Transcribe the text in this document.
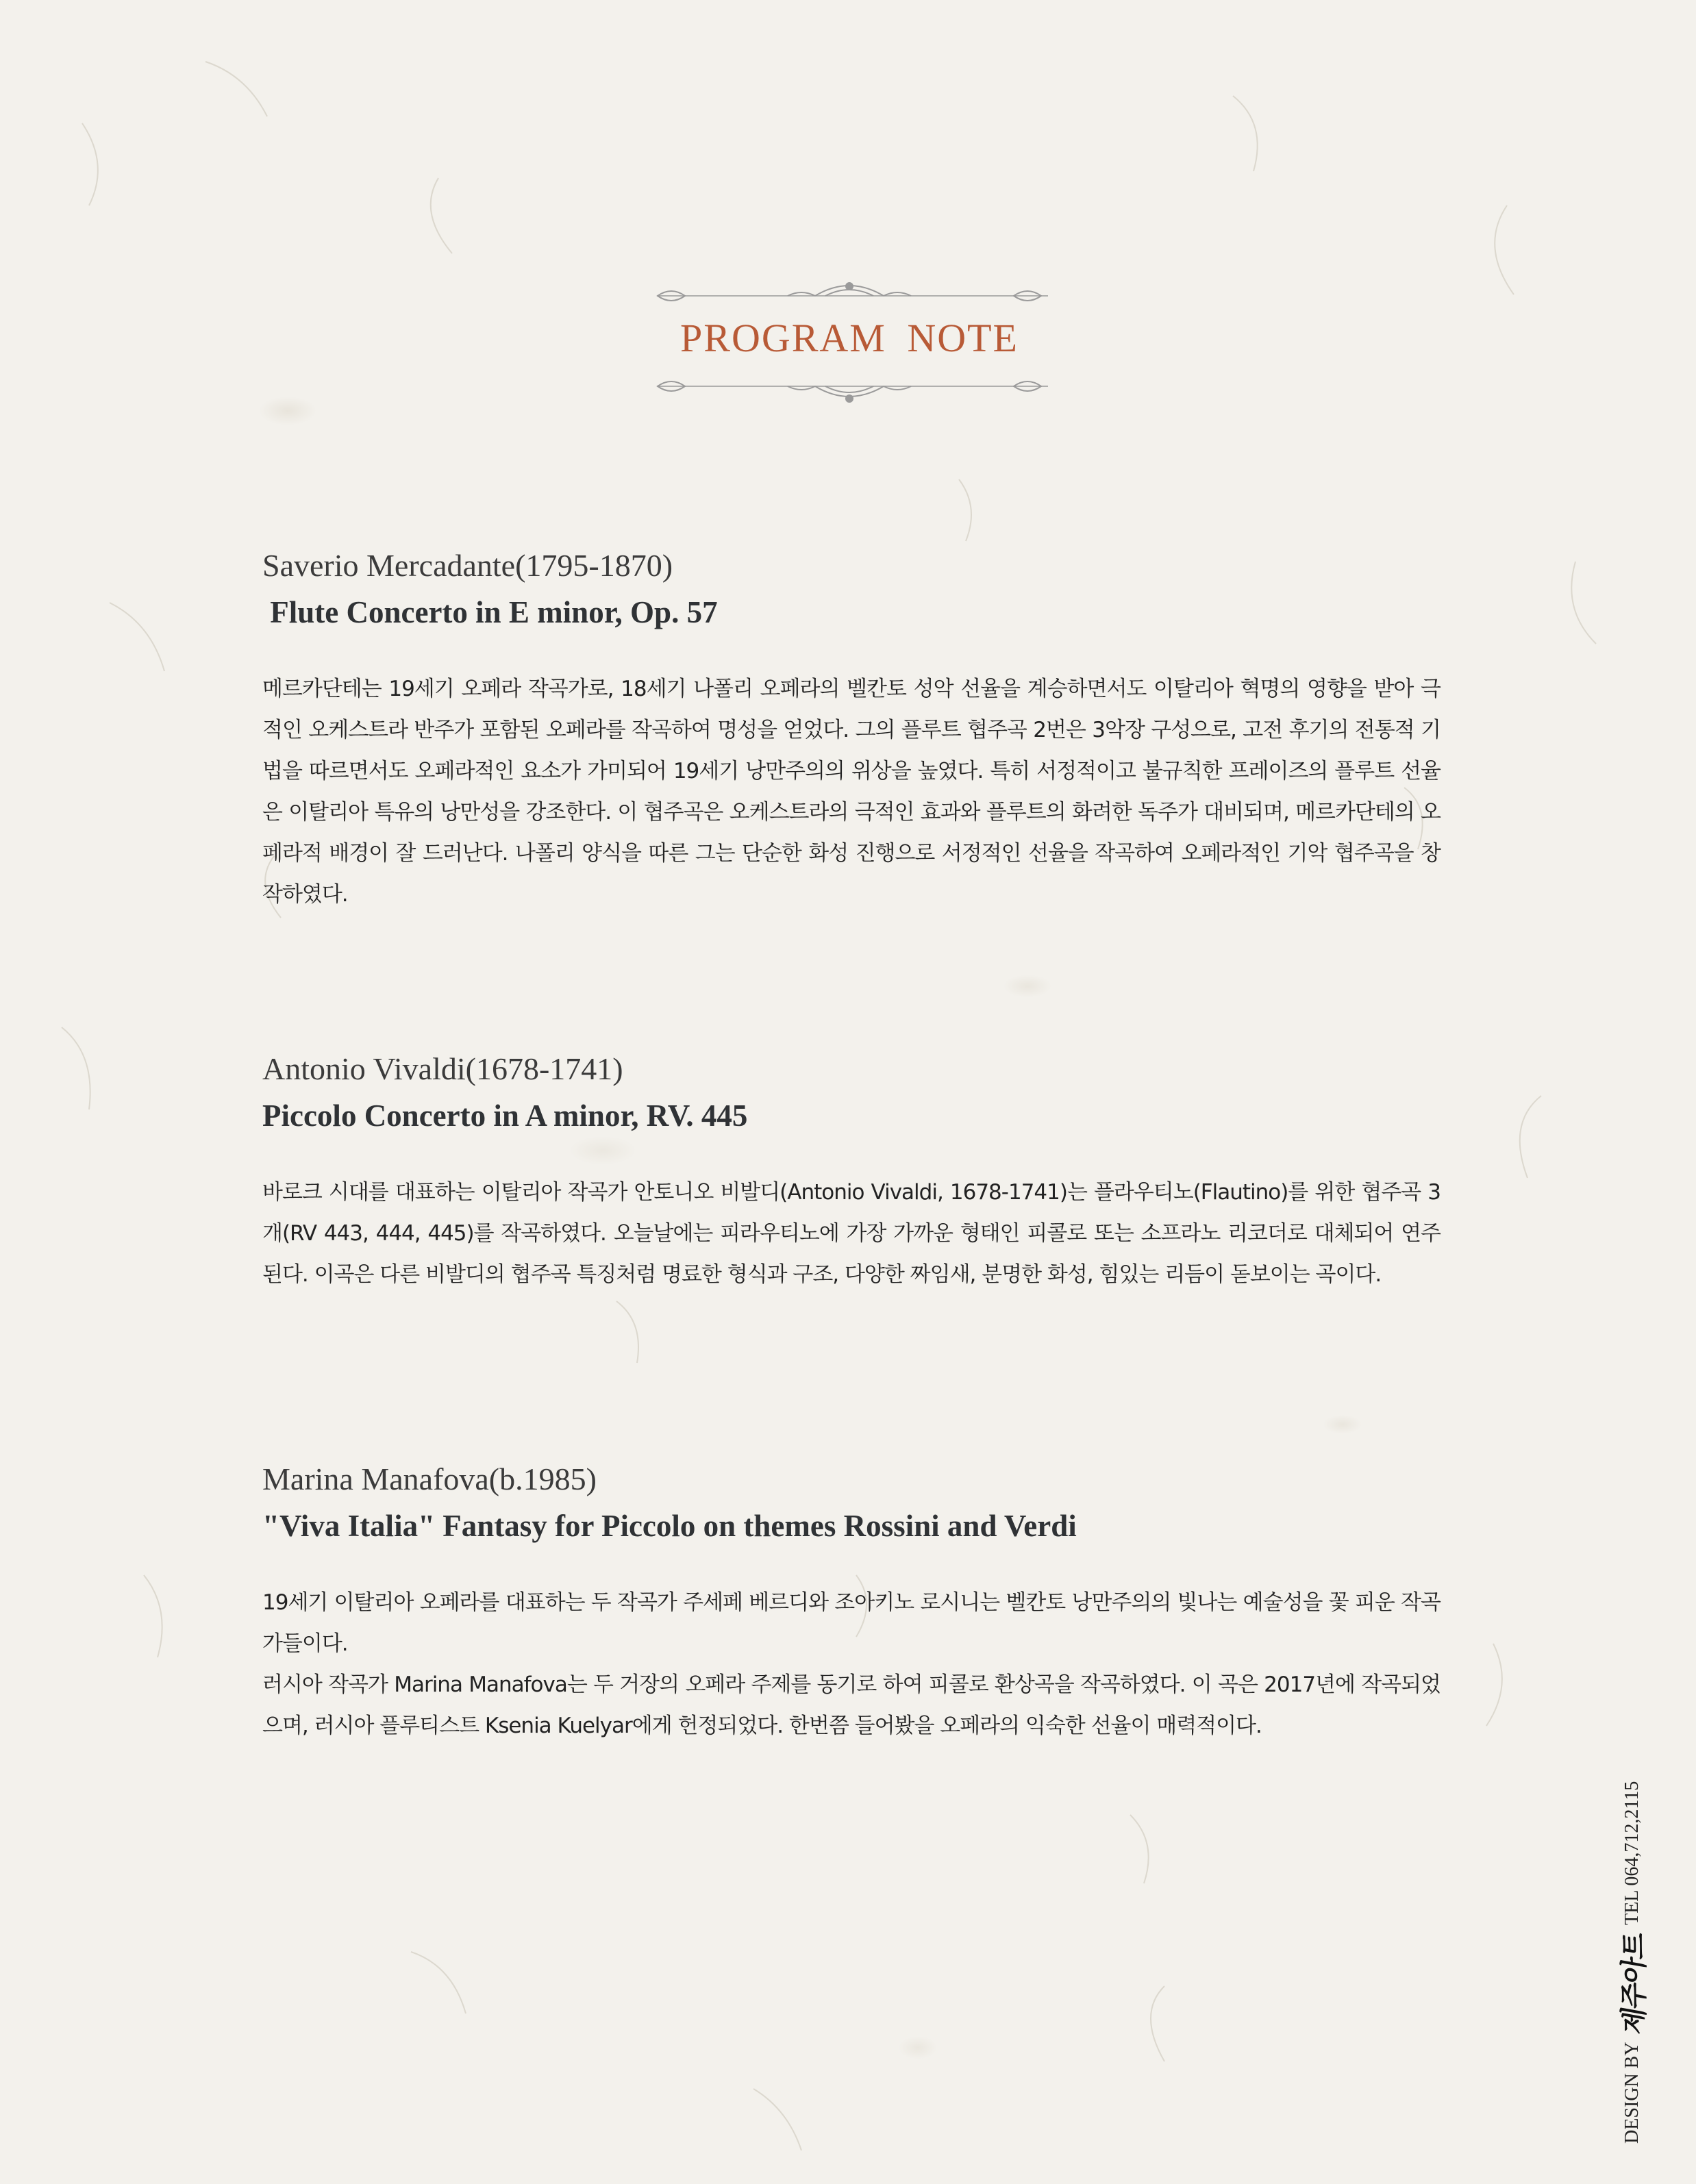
PROGRAM NOTE
Saverio Mercadante(1795-1870)
Flute Concerto in E minor, Op. 57

메르카단테는 19세기 오페라 작곡가로, 18세기 나폴리 오페라의 벨칸토 성악 선율을 계승하면서도 이탈리아 혁명의 영향을 받아 극적인 오케스트라 반주가 포함된 오페라를 작곡하여 명성을 얻었다. 그의 플루트 협주곡 2번은 3악장 구성으로, 고전 후기의 전통적 기법을 따르면서도 오페라적인 요소가 가미되어 19세기 낭만주의의 위상을 높였다. 특히 서정적이고 불규칙한 프레이즈의 플루트 선율은 이탈리아 특유의 낭만성을 강조한다. 이 협주곡은 오케스트라의 극적인 효과와 플루트의 화려한 독주가 대비되며, 메르카단테의 오페라적 배경이 잘 드러난다. 나폴리 양식을 따른 그는 단순한 화성 진행으로 서정적인 선율을 작곡하여 오페라적인 기악 협주곡을 창작하였다.

Antonio Vivaldi(1678-1741)
Piccolo Concerto in A minor, RV. 445

바로크 시대를 대표하는 이탈리아 작곡가 안토니오 비발디(Antonio Vivaldi, 1678-1741)는 플라우티노(Flautino)를 위한 협주곡 3개(RV 443, 444, 445)를 작곡하였다. 오늘날에는 피라우티노에 가장 가까운 형태인 피콜로 또는 소프라노 리코더로 대체되어 연주된다. 이곡은 다른 비발디의 협주곡 특징처럼 명료한 형식과 구조, 다양한 짜임새, 분명한 화성, 힘있는 리듬이 돋보이는 곡이다.

Marina Manafova(b.1985)
"Viva Italia" Fantasy for Piccolo on themes Rossini and Verdi

19세기 이탈리아 오페라를 대표하는 두 작곡가 주세페 베르디와 조아키노 로시니는 벨칸토 낭만주의의 빛나는 예술성을 꽃 피운 작곡가들이다.

러시아 작곡가 Marina Manafova는 두 거장의 오페라 주제를 동기로 하여 피콜로 환상곡을 작곡하였다. 이 곡은 2017년에 작곡되었으며, 러시아 플루티스트 Ksenia Kuelyar에게 헌정되었다. 한번쯤 들어봤을 오페라의 익숙한 선율이 매력적이다.

DESIGN BY
제주아트
TEL 064,712,2115
